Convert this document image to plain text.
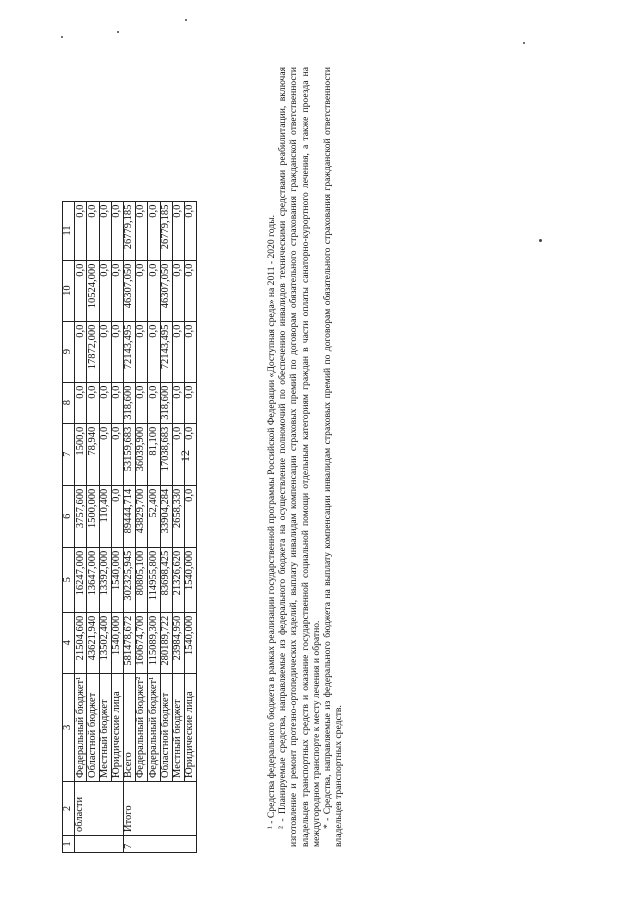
12
1	2	3	4	5	6	7	8	9	10	11
	области	Федеральный бюджет¹	21504,600	16247,000	3757,600	1500,0	0,0	0,0	0,0	0,0
		Областной бюджет	43621,940	13647,000	1500,000	78,940	0,0	17872,000	10524,000	0,0
		Местный бюджет	13502,400	13392,000	110,400	0,0	0,0	0,0	0,0	0,0
		Юридические лица	1540,000	1540,000	0,0	0,0	0,0	0,0	0,0	0,0
7	Итого	Всего	581478,672	302325,945	89444,714	53159,683	318,600	72143,495	46307,050	26779,185
		Федеральный бюджет²	160674,700	80805,100	43829,700	36039,900	0,0	0,0	0,0	0,0
		Федеральный бюджет¹	115089,300	114955,800	52,400	81,100	0,0	0,0	0,0	0,0
		Областной бюджет	280189,722	83698,425	33904,284	17038,683	318,600	72143,495	46307,050	26779,185
		Местный бюджет	23984,950	21326,620	2658,330	0,0	0,0	0,0	0,0	0,0
		Юридические лица	1540,000	1540,000	0,0	0,0	0,0	0,0	0,0	0,0

¹ - Средства федерального бюджета в рамках реализации государственной программы Российской Федерации «Доступная среда» на 2011 - 2020 годы. ² - Планируемые средства, направляемые из федерального бюджета на осуществление полномочий по обеспечению инвалидов техническими средствами реабилитации, включая изготовление и ремонт протезно-ортопедических изделий, выплату инвалидам компенсации страховых премий по договорам обязательного страхования гражданской ответственности владельцев транспортных средств и оказание государственной социальной помощи отдельным категориям граждан в части оплаты санаторно-курортного лечения, а также проезда на междугородном транспорте к месту лечения и обратно. * - Средства, направляемые из федерального бюджета на выплату компенсации инвалидам страховых премий по договорам обязательного страхования гражданской ответственности владельцев транспортных средств.
